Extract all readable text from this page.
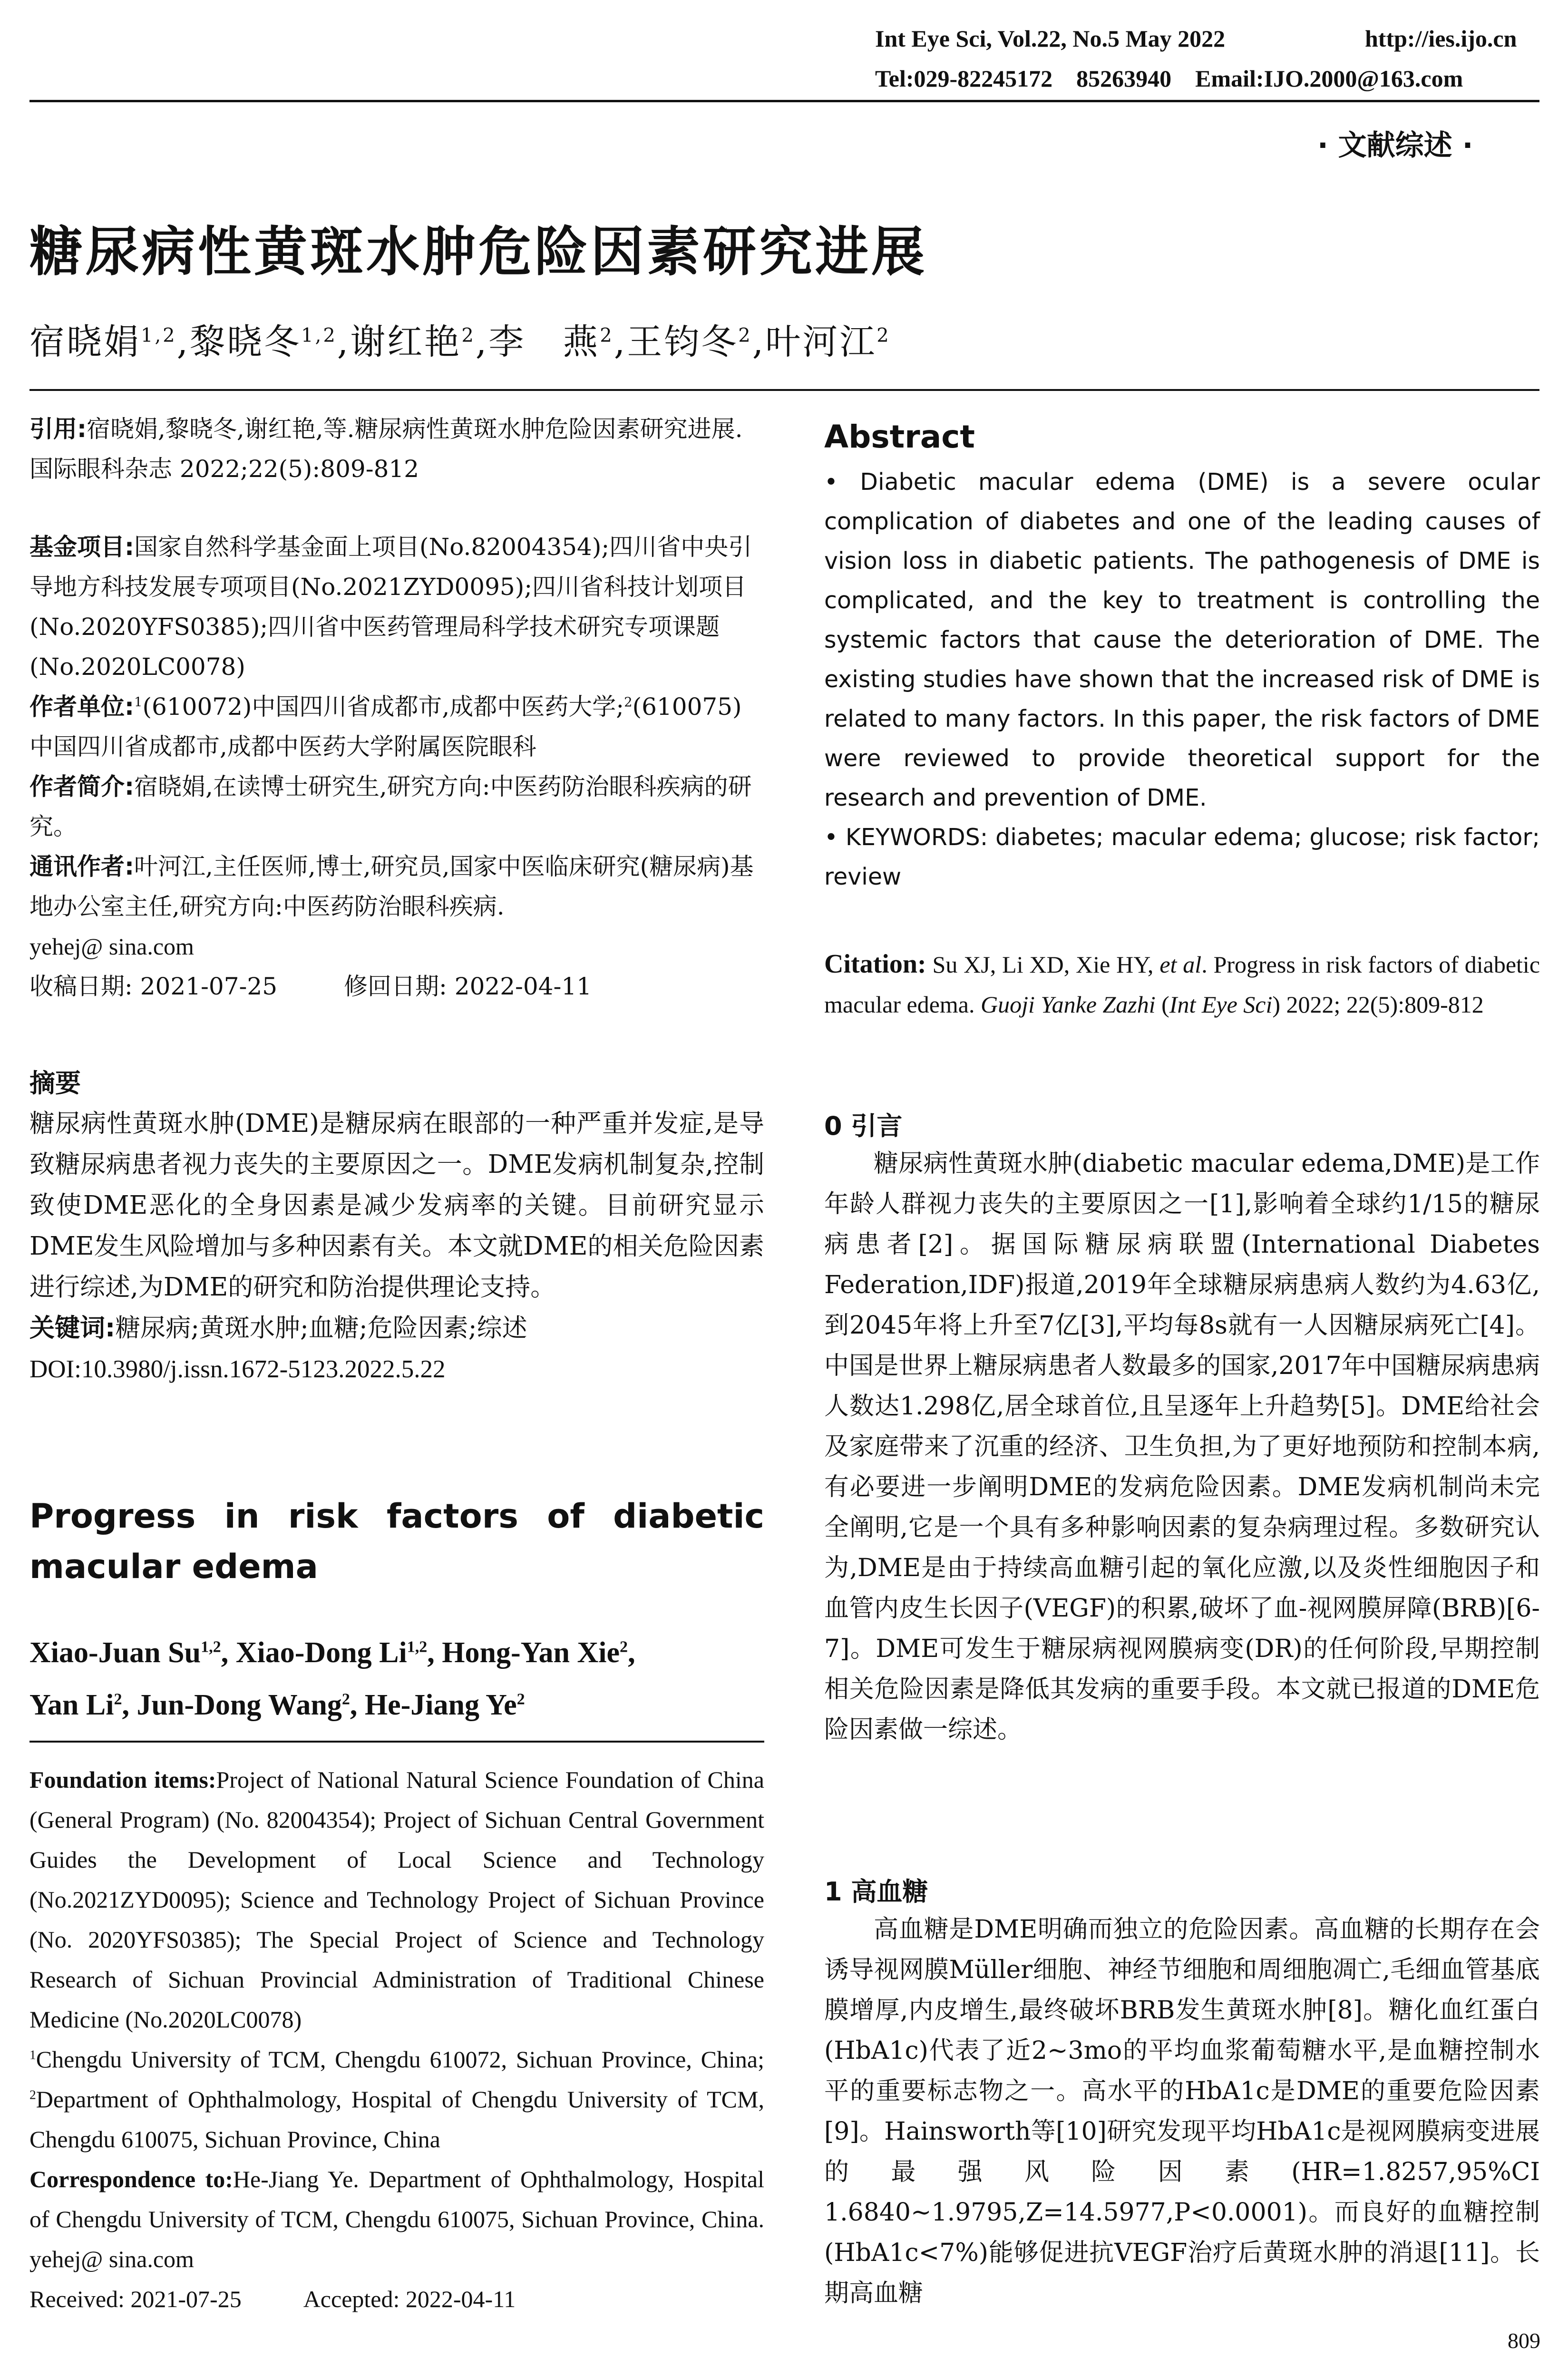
Int Eye Sci, Vol.22, No.5 May 2022	http://ies.ijo.cn
Tel:029-82245172    85263940    Email:IJO.2000@163.com
· 文献综述 ·
糖尿病性黄斑水肿危险因素研究进展
宿晓娟$^{1,2}$,黎晓冬$^{1,2}$,谢红艳$^2$,李　燕$^2$,王钧冬$^2$,叶河江$^2$

引用:宿晓娟,黎晓冬,谢红艳,等.糖尿病性黄斑水肿危险因素研究进展.国际眼科杂志 2022;22(5):809-812

基金项目:国家自然科学基金面上项目(No.82004354);四川省中央引导地方科技发展专项项目(No.2021ZYD0095);四川省科技计划项目(No.2020YFS0385);四川省中医药管理局科学技术研究专项课题(No.2020LC0078)

作者单位:$^1$(610072)中国四川省成都市,成都中医药大学;$^2$(610075)中国四川省成都市,成都中医药大学附属医院眼科

作者简介:宿晓娟,在读博士研究生,研究方向:中医药防治眼科疾病的研究。

通讯作者:叶河江,主任医师,博士,研究员,国家中医临床研究(糖尿病)基地办公室主任,研究方向:中医药防治眼科疾病.

yehej@ sina.com

收稿日期: 2021-07-25	修回日期: 2022-04-11

摘要

糖尿病性黄斑水肿(DME)是糖尿病在眼部的一种严重并发症,是导致糖尿病患者视力丧失的主要原因之一。DME发病机制复杂,控制致使DME恶化的全身因素是减少发病率的关键。目前研究显示DME发生风险增加与多种因素有关。本文就DME的相关危险因素进行综述,为DME的研究和防治提供理论支持。

关键词:糖尿病;黄斑水肿;血糖;危险因素;综述

DOI:10.3980/j.issn.1672-5123.2022.5.22

Progress in risk factors of diabetic macular edema
Xiao-Juan Su$^{1,2}$, Xiao-Dong Li$^{1,2}$, Hong-Yan Xie$^2$,
Yan Li$^2$, Jun-Dong Wang$^2$, He-Jiang Ye$^2$

Foundation items:Project of National Natural Science Foundation of China (General Program) (No. 82004354); Project of Sichuan Central Government Guides the Development of Local Science and Technology (No.2021ZYD0095); Science and Technology Project of Sichuan Province (No. 2020YFS0385); The Special Project of Science and Technology Research of Sichuan Provincial Administration of Traditional Chinese Medicine (No.2020LC0078)

$^1$Chengdu University of TCM, Chengdu 610072, Sichuan Province, China; $^2$Department of Ophthalmology, Hospital of Chengdu University of TCM, Chengdu 610075, Sichuan Province, China

Correspondence to:He-Jiang Ye. Department of Ophthalmology, Hospital of Chengdu University of TCM, Chengdu 610075, Sichuan Province, China. yehej@ sina.com

Received: 2021-07-25	Accepted: 2022-04-11

Abstract

• Diabetic macular edema (DME) is a severe ocular complication of diabetes and one of the leading causes of vision loss in diabetic patients. The pathogenesis of DME is complicated, and the key to treatment is controlling the systemic factors that cause the deterioration of DME. The existing studies have shown that the increased risk of DME is related to many factors. In this paper, the risk factors of DME were reviewed to provide theoretical support for the research and prevention of DME.

• KEYWORDS: diabetes; macular edema; glucose; risk factor; review

Citation: Su XJ, Li XD, Xie HY, et al. Progress in risk factors of diabetic macular edema. Guoji Yanke Zazhi (Int Eye Sci) 2022; 22(5):809-812

0 引言

糖尿病性黄斑水肿(diabetic macular edema,DME)是工作年龄人群视力丧失的主要原因之一[1],影响着全球约1/15的糖尿病患者[2]。据国际糖尿病联盟(International Diabetes Federation,IDF)报道,2019年全球糖尿病患病人数约为4.63亿,到2045年将上升至7亿[3],平均每8s就有一人因糖尿病死亡[4]。中国是世界上糖尿病患者人数最多的国家,2017年中国糖尿病患病人数达1.298亿,居全球首位,且呈逐年上升趋势[5]。DME给社会及家庭带来了沉重的经济、卫生负担,为了更好地预防和控制本病,有必要进一步阐明DME的发病危险因素。DME发病机制尚未完全阐明,它是一个具有多种影响因素的复杂病理过程。多数研究认为,DME是由于持续高血糖引起的氧化应激,以及炎性细胞因子和血管内皮生长因子(VEGF)的积累,破坏了血-视网膜屏障(BRB)[6-7]。DME可发生于糖尿病视网膜病变(DR)的任何阶段,早期控制相关危险因素是降低其发病的重要手段。本文就已报道的DME危险因素做一综述。

1 高血糖

高血糖是DME明确而独立的危险因素。高血糖的长期存在会诱导视网膜Müller细胞、神经节细胞和周细胞凋亡,毛细血管基底膜增厚,内皮增生,最终破坏BRB发生黄斑水肿[8]。糖化血红蛋白(HbA1c)代表了近2~3mo的平均血浆葡萄糖水平,是血糖控制水平的重要标志物之一。高水平的HbA1c是DME的重要危险因素[9]。Hainsworth等[10]研究发现平均HbA1c是视网膜病变进展的最强风险因素(HR=1.8257,95%CI 1.6840~1.9795,Z=14.5977,P<0.0001)。而良好的血糖控制(HbA1c<7%)能够促进抗VEGF治疗后黄斑水肿的消退[11]。长期高血糖

809
